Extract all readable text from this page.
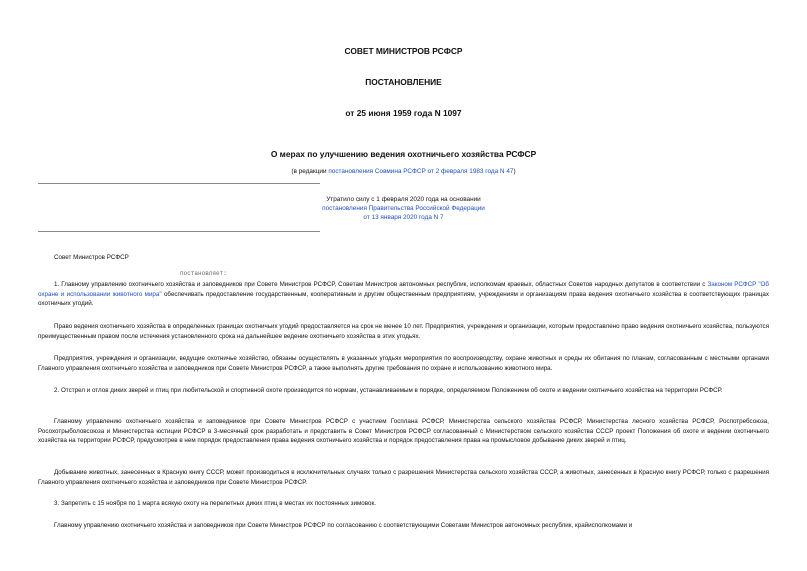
СОВЕТ МИНИСТРОВ РСФСР
ПОСТАНОВЛЕНИЕ
от 25 июня 1959 года N 1097
О мерах по улучшению ведения охотничьего хозяйства РСФСР
(в редакции постановления Совмина РСФСР от 2 февраля 1983 года N 47)
Утратило силу с 1 февраля 2020 года на основании
постановления Правительства Российской Федерации
от 13 января 2020 года N 7
Совет Министров РСФСР
постановляет:
1. Главному управлению охотничьего хозяйства и заповедников при Совете Министров РСФСР, Советам Министров автономных республик, исполкомам краевых, областных Советов народных депутатов в соответствии с Законом РСФСР "Об охране и использовании животного мира" обеспечивать предоставление государственным, кооперативным и другим общественным предприятиям, учреждениям и организациям права ведения охотничьего хозяйства в соответствующих границах охотничьих угодий.
Право ведения охотничьего хозяйства в определенных границах охотничьих угодий предоставляется на срок не менее 10 лет. Предприятия, учреждения и организации, которым предоставлено право ведения охотничьего хозяйства, пользуются преимущественным правом после истечения установленного срока на дальнейшее ведение охотничьего хозяйства в этих угодьях.
Предприятия, учреждения и организации, ведущие охотничье хозяйство, обязаны осуществлять в указанных угодьях мероприятия по воспроизводству, охране животных и среды их обитания по планам, согласованным с местными органами Главного управления охотничьего хозяйства и заповедников при Совете Министров РСФСР, а также выполнять другие требования по охране и использованию животного мира.
2. Отстрел и отлов диких зверей и птиц при любительской и спортивной охоте производится по нормам, устанавливаемым в порядке, определяемом Положением об охоте и ведении охотничьего хозяйства на территории РСФСР.
Главному управлению охотничьего хозяйства и заповедников при Совете Министров РСФСР с участием Госплана РСФСР, Министерства сельского хозяйства РСФСР, Министерства лесного хозяйства РСФСР, Роспотребсоюза, Росохотрыболовсоюза и Министерства юстиции РСФСР в 3-месячный срок разработать и представить в Совет Министров РСФСР согласованный с Министерством сельского хозяйства СССР проект Положения об охоте и ведении охотничьего хозяйства на территории РСФСР, предусмотрев в нем порядок предоставления права ведения охотничьего хозяйства и порядок предоставления права на промысловое добывание диких зверей и птиц.
Добывание животных, занесенных в Красную книгу СССР, может производиться в исключительных случаях только с разрешения Министерства сельского хозяйства СССР, а животных, занесенных в Красную книгу РСФСР, только с разрешения Главного управления охотничьего хозяйства и заповедников при Совете Министров РСФСР.
3. Запретить с 15 ноября по 1 марта всякую охоту на перелетных диких птиц в местах их постоянных зимовок.
Главному управлению охотничьего хозяйства и заповедников при Совете Министров РСФСР по согласованию с соответствующими Советами Министров автономных республик, крайисполкомами и
